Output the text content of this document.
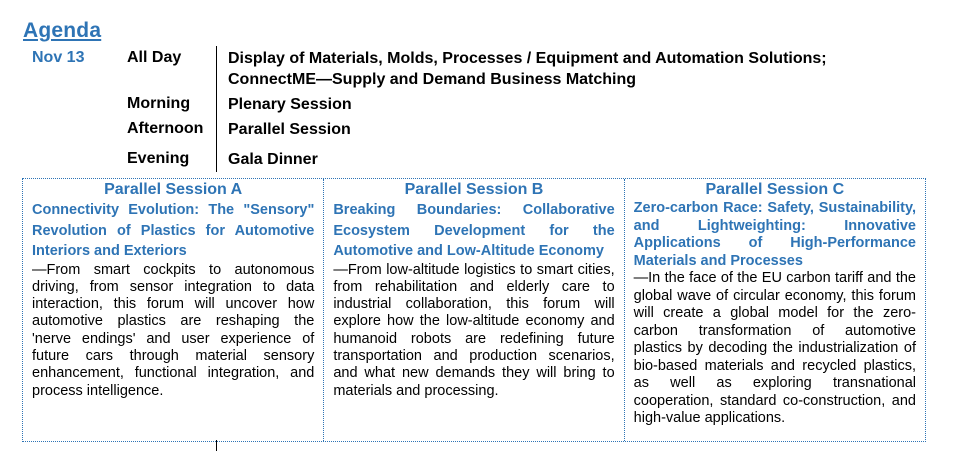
Agenda
Nov 13	All Day	Display of Materials, Molds, Processes / Equipment and Automation Solutions;
ConnectME—Supply and Demand Business Matching
Morning Plenary Session
Afternoon Parallel Session
Evening Gala Dinner
Parallel Session A
Connectivity Evolution: The "Sensory" Revolution of Plastics for Automotive Interiors and Exteriors
—From smart cockpits to autonomous driving, from sensor integration to data interaction, this forum will uncover how automotive plastics are reshaping the 'nerve endings' and user experience of future cars through material sensory enhancement, functional integration, and process intelligence.
Parallel Session B
Breaking Boundaries: Collaborative Ecosystem Development for the Automotive and Low-Altitude Economy
—From low-altitude logistics to smart cities, from rehabilitation and elderly care to industrial collaboration, this forum will explore how the low-altitude economy and humanoid robots are redefining future transportation and production scenarios, and what new demands they will bring to materials and processing.
Parallel Session C
Zero-carbon Race: Safety, Sustainability, and Lightweighting: Innovative Applications of High-Performance Materials and Processes
—In the face of the EU carbon tariff and the global wave of circular economy, this forum will create a global model for the zero-carbon transformation of automotive plastics by decoding the industrialization of bio-based materials and recycled plastics, as well as exploring transnational cooperation, standard co-construction, and high-value applications.
